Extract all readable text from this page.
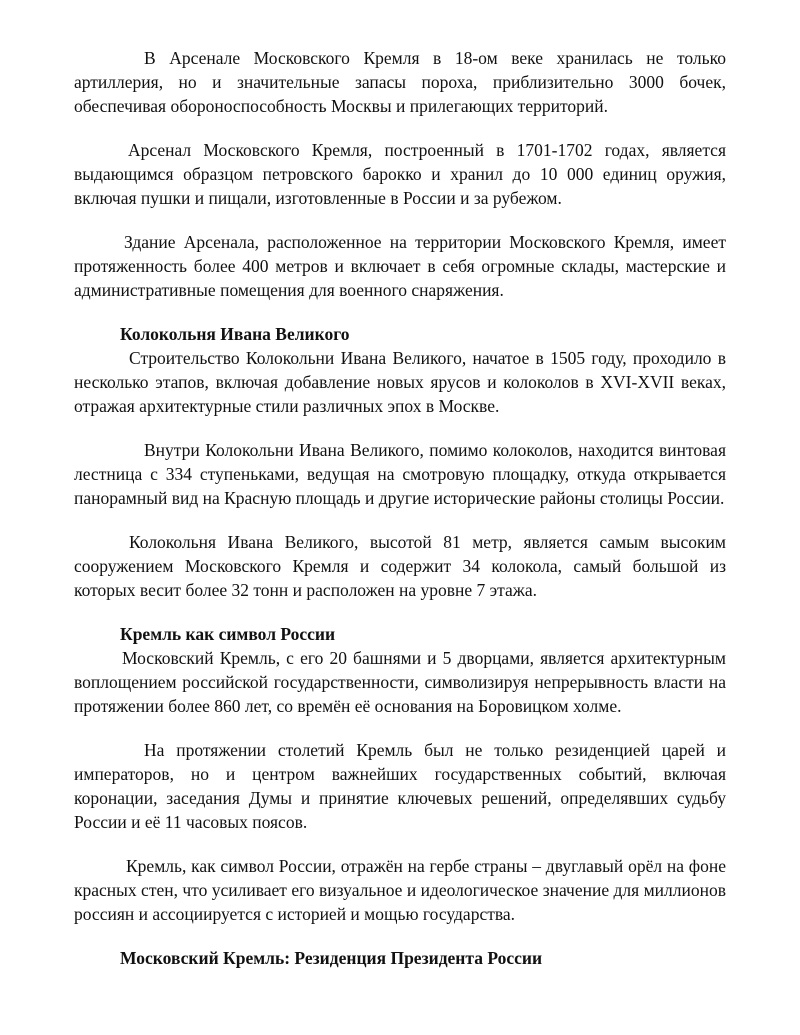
В Арсенале Московского Кремля в 18-ом веке хранилась не только артиллерия, но и значительные запасы пороха, приблизительно 3000 бочек, обеспечивая обороноспособность Москвы и прилегающих территорий.

Арсенал Московского Кремля, построенный в 1701-1702 годах, является выдающимся образцом петровского барокко и хранил до 10 000 единиц оружия, включая пушки и пищали, изготовленные в России и за рубежом.

Здание Арсенала, расположенное на территории Московского Кремля, имеет протяженность более 400 метров и включает в себя огромные склады, мастерские и административные помещения для военного снаряжения.

Колокольня Ивана Великого

Строительство Колокольни Ивана Великого, начатое в 1505 году, проходило в несколько этапов, включая добавление новых ярусов и колоколов в XVI-XVII веках, отражая архитектурные стили различных эпох в Москве.

Внутри Колокольни Ивана Великого, помимо колоколов, находится винтовая лестница с 334 ступеньками, ведущая на смотровую площадку, откуда открывается панорамный вид на Красную площадь и другие исторические районы столицы России.

Колокольня Ивана Великого, высотой 81 метр, является самым высоким сооружением Московского Кремля и содержит 34 колокола, самый большой из которых весит более 32 тонн и расположен на уровне 7 этажа.

Кремль как символ России

Московский Кремль, с его 20 башнями и 5 дворцами, является архитектурным воплощением российской государственности, символизируя непрерывность власти на протяжении более 860 лет, со времён её основания на Боровицком холме.

На протяжении столетий Кремль был не только резиденцией царей и императоров, но и центром важнейших государственных событий, включая коронации, заседания Думы и принятие ключевых решений, определявших судьбу России и её 11 часовых поясов.

Кремль, как символ России, отражён на гербе страны – двуглавый орёл на фоне красных стен, что усиливает его визуальное и идеологическое значение для миллионов россиян и ассоциируется с историей и мощью государства.

Московский Кремль: Резиденция Президента России
